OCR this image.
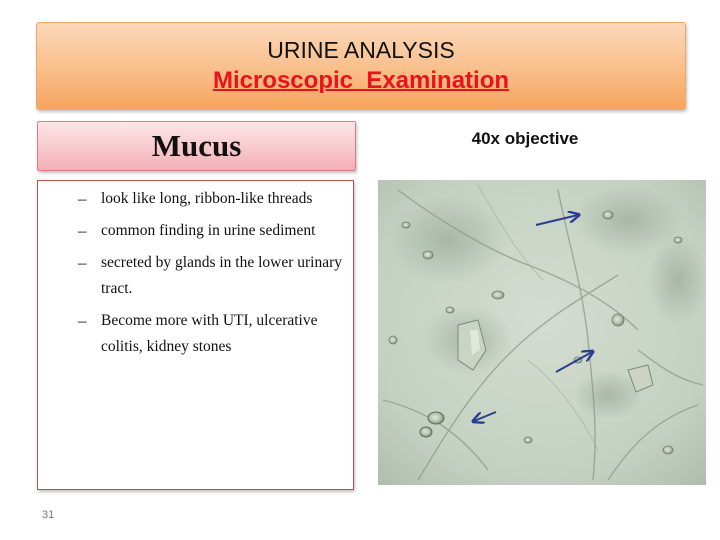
URINE ANALYSIS
Microscopic  Examination
Mucus	40x objective
– look like long, ribbon-like threads
– common finding in urine sediment
– secreted by glands in the lower urinary tract.
– Become more with UTI, ulcerative colitis, kidney stones
31
